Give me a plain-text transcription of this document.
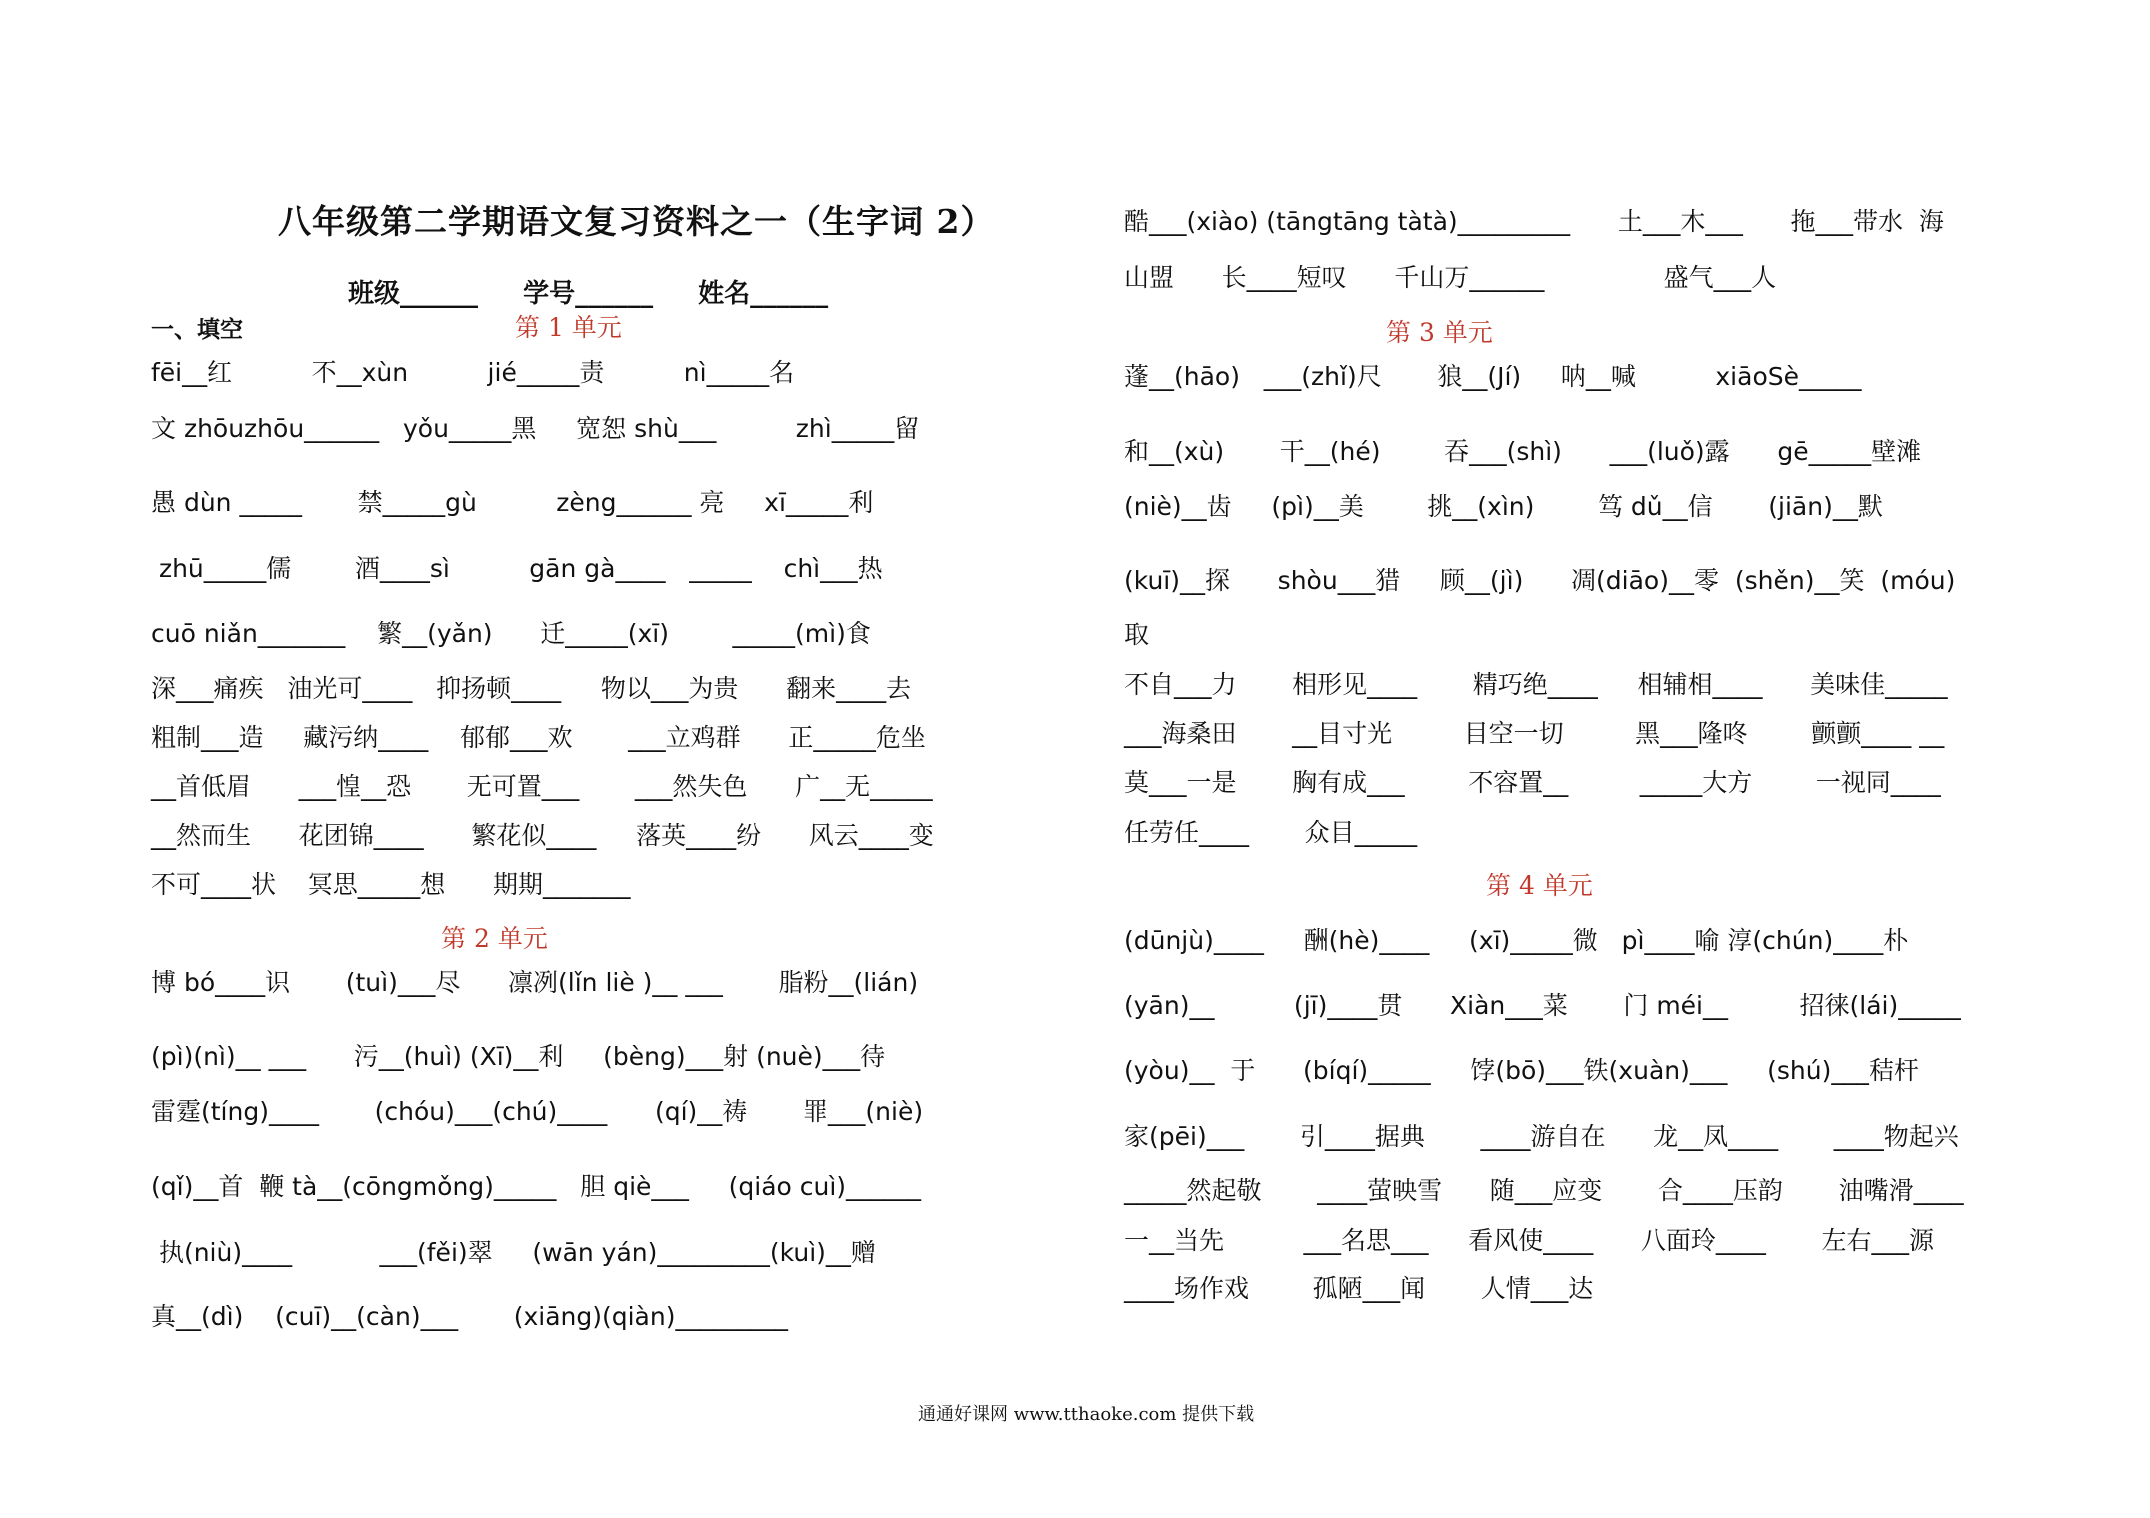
八年级第二学期语文复习资料之一（生字词 2）
班级______ 学号______ 姓名______
一、填空	第 1 单元
fēi__红          不__xùn          jié_____责          nì_____名
文 zhōuzhōu______   yǒu_____黑     宽恕 shù___          zhì_____留
愚 dùn _____       禁_____gù          zèng______ 亮     xī_____利
zhū_____儒        酒____sì          gān gà____   _____    chì___热
cuō niǎn_______    繁__(yǎn)      迁_____(xī)        _____(mì)食
深___痛疾   油光可____   抑扬顿____     物以___为贵      翻来____去
粗制___造     藏污纳____    郁郁___欢       ___立鸡群      正_____危坐
__首低眉      ___惶__恐       无可置___       ___然失色      广__无_____
__然而生      花团锦____      繁花似____     落英____纷      风云____变
不可____状    冥思_____想      期期_______
第 2 单元
博 bó____识       (tuì)___尽      凛冽(lǐn liè )__ ___       脂粉__(lián)
(pì)(nì)__ ___      污__(huì) (Xī)__利     (bèng)___射 (nuè)___待
雷霆(tíng)____       (chóu)___(chú)____      (qí)__祷       罪___(niè)
(qǐ)__首  鞭 tà__(cōngmǒng)_____   胆 qiè___     (qiáo cuì)______
执(niù)____           ___(fěi)翠     (wān yán)_________(kuì)__赠
真__(dì)    (cuī)__(càn)___       (xiāng)(qiàn)_________
酷___(xiào) (tāngtāng tàtà)_________      土___木___      拖___带水  海
山盟      长____短叹      千山万______               盛气___人
第 3 单元
蓬__(hāo)   ___(zhǐ)尺       狼__(Jí)     呐__喊          xiāoSè_____
和__(xù)       干__(hé)        吞___(shì)      ___(luǒ)露      gē_____壁滩
(niè)__齿     (pì)__美        挑__(xìn)        笃 dǔ__信       (jiān)__默
(kuī)__探      shòu___猎     顾__(jì)      凋(diāo)__零  (shěn)__笑  (móu)
取
不自___力       相形见____       精巧绝____     相辅相____      美味佳_____
___海桑田       __目寸光         目空一切         黑___隆咚        颤颤____ __
莫___一是       胸有成___        不容置__         _____大方        一视同____
任劳任____       众目_____
第 4 单元
(dūnjù)____     酬(hè)____     (xī)_____微   pì____喻 淳(chún)____朴
(yān)__          (jī)____贯      Xiàn___菜       门 méi__         招徕(lái)_____
(yòu)__  于      (bíqí)_____     饽(bō)___铁(xuàn)___     (shú)___秸杆
家(pēi)___       引____据典       ____游自在      龙__凤____       ____物起兴
_____然起敬       ____萤映雪      随___应变       合____压韵       油嘴滑____
一__当先          ___名思___     看风使____      八面玲____       左右___源
____场作戏        孤陋___闻       人情___达
通通好课网 www.tthaoke.com 提供下载
